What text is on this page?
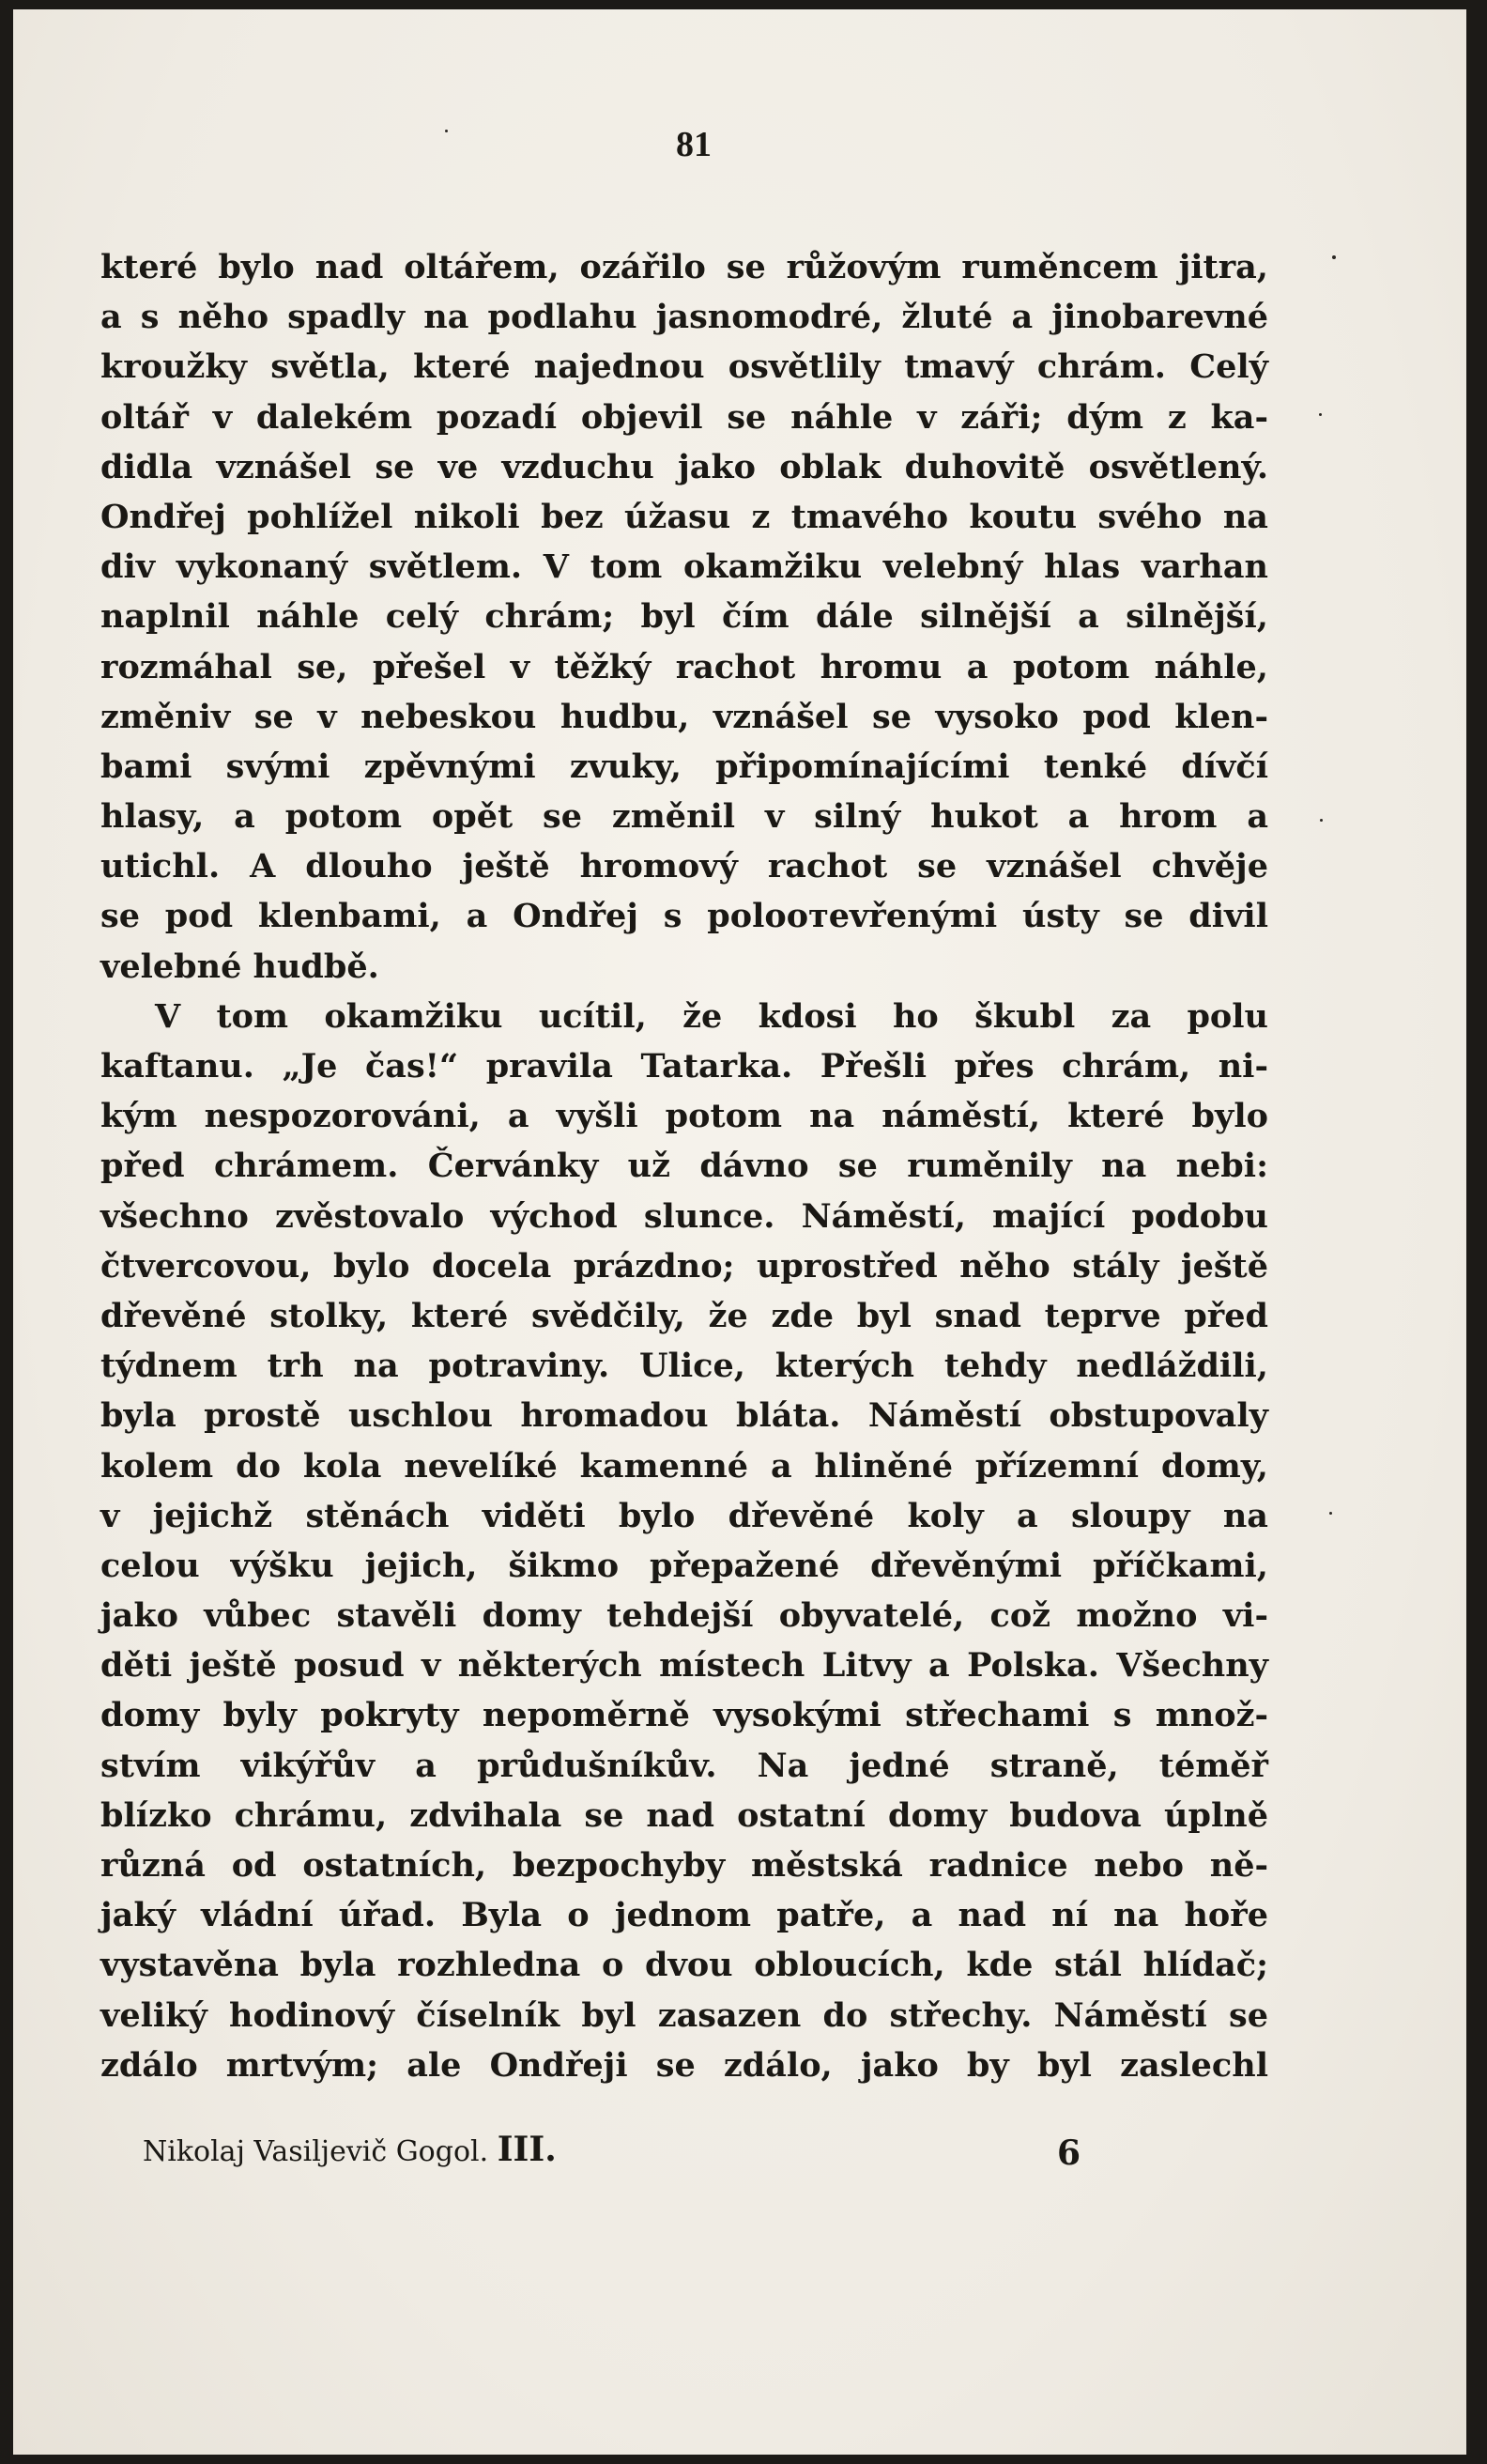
81
které bylo nad oltářem, ozářilo se růžovým ruměncem jitra,
a s něho spadly na podlahu jasnomodré, žluté a jinobarevné
kroužky světla, které najednou osvětlily tmavý chrám. Celý
oltář v dalekém pozadí objevil se náhle v záři; dým z ka-
didla vznášel se ve vzduchu jako oblak duhovitě osvětlený.
Ondřej pohlížel nikoli bez úžasu z tmavého koutu svého na
div vykonaný světlem. V tom okamžiku velebný hlas varhan
naplnil náhle celý chrám; byl čím dále silnější a silnější,
rozmáhal se, přešel v těžký rachot hromu a potom náhle,
změniv se v nebeskou hudbu, vznášel se vysoko pod klen-
bami svými zpěvnými zvuky, připomínajícími tenké dívčí
hlasy, a potom opět se změnil v silný hukot a hrom a
utichl. A dlouho ještě hromový rachot se vznášel chvěje
se pod klenbami, a Ondřej s poloотevřenými ústy se divil
velebné hudbě.
V tom okamžiku ucítil, že kdosi ho škubl za polu
kaftanu. „Je čas!“ pravila Tatarka. Přešli přes chrám, ni-
kým nespozorováni, a vyšli potom na náměstí, které bylo
před chrámem. Červánky už dávno se ruměnily na nebi:
všechno zvěstovalo východ slunce. Náměstí, mající podobu
čtvercovou, bylo docela prázdno; uprostřed něho stály ještě
dřevěné stolky, které svědčily, že zde byl snad teprve před
týdnem trh na potraviny. Ulice, kterých tehdy nedláždili,
byla prostě uschlou hromadou bláta. Náměstí obstupovaly
kolem do kola nevelíké kamenné a hliněné přízemní domy,
v jejichž stěnách viděti bylo dřevěné koly a sloupy na
celou výšku jejich, šikmo přepažené dřevěnými příčkami,
jako vůbec stavěli domy tehdejší obyvatelé, což možno vi-
děti ještě posud v některých místech Litvy a Polska. Všechny
domy byly pokryty nepoměrně vysokými střechami s množ-
stvím vikýřův a průdušníkův. Na jedné straně, téměř
blízko chrámu, zdvihala se nad ostatní domy budova úplně
různá od ostatních, bezpochyby městská radnice nebo ně-
jaký vládní úřad. Byla o jednom patře, a nad ní na hoře
vystavěna byla rozhledna o dvou obloucích, kde stál hlídač;
veliký hodinový číselník byl zasazen do střechy. Náměstí se
zdálo mrtvým; ale Ondřeji se zdálo, jako by byl zaslechl
Nikolaj Vasiljevič Gogol. III.	6
